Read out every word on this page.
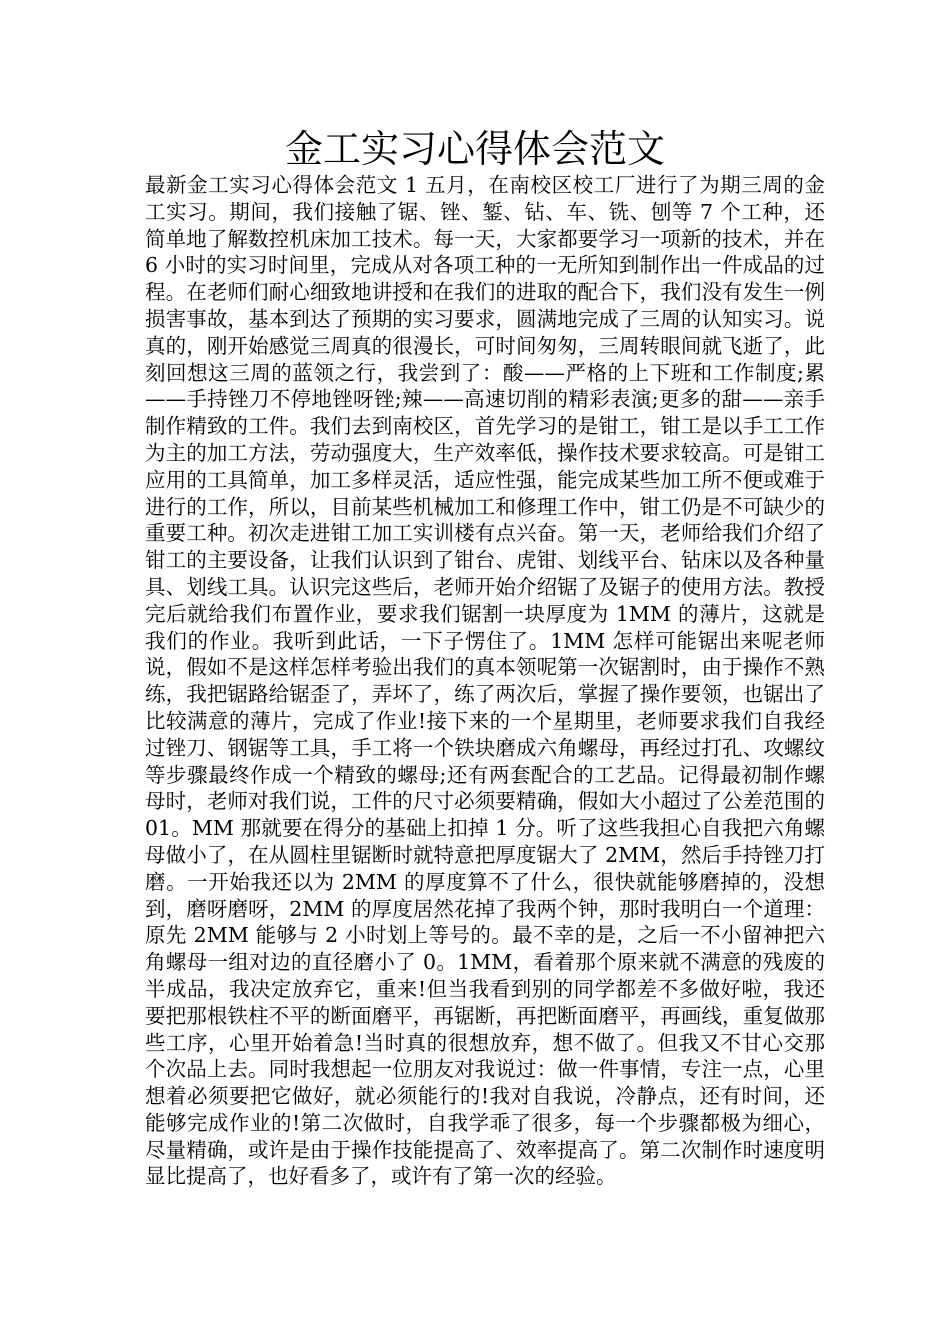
金工实习心得体会范文

最新金工实习心得体会范文 1 五月，在南校区校工厂进行了为期三周的金工实习。期间，我们接触了锯、锉、錾、钻、车、铣、刨等 7 个工种，还简单地了解数控机床加工技术。每一天，大家都要学习一项新的技术，并在 6 小时的实习时间里，完成从对各项工种的一无所知到制作出一件成品的过程。在老师们耐心细致地讲授和在我们的进取的配合下，我们没有发生一例损害事故，基本到达了预期的实习要求，圆满地完成了三周的认知实习。说真的，刚开始感觉三周真的很漫长，可时间匆匆，三周转眼间就飞逝了，此刻回想这三周的蓝领之行，我尝到了：酸——严格的上下班和工作制度;累——手持锉刀不停地锉呀锉;辣——高速切削的精彩表演;更多的甜——亲手制作精致的工件。我们去到南校区，首先学习的是钳工，钳工是以手工工作为主的加工方法，劳动强度大，生产效率低，操作技术要求较高。可是钳工应用的工具简单，加工多样灵活，适应性强，能完成某些加工所不便或难于进行的工作，所以，目前某些机械加工和修理工作中，钳工仍是不可缺少的重要工种。初次走进钳工加工实训楼有点兴奋。第一天，老师给我们介绍了钳工的主要设备，让我们认识到了钳台、虎钳、划线平台、钻床以及各种量具、划线工具。认识完这些后，老师开始介绍锯了及锯子的使用方法。教授完后就给我们布置作业，要求我们锯割一块厚度为 1MM 的薄片，这就是我们的作业。我听到此话，一下子愣住了。1MM 怎样可能锯出来呢老师说，假如不是这样怎样考验出我们的真本领呢第一次锯割时，由于操作不熟练，我把锯路给锯歪了，弄坏了，练了两次后，掌握了操作要领，也锯出了比较满意的薄片，完成了作业!接下来的一个星期里，老师要求我们自我经过锉刀、钢锯等工具，手工将一个铁块磨成六角螺母，再经过打孔、攻螺纹等步骤最终作成一个精致的螺母;还有两套配合的工艺品。记得最初制作螺母时，老师对我们说，工件的尺寸必须要精确，假如大小超过了公差范围的 01。MM 那就要在得分的基础上扣掉 1 分。听了这些我担心自我把六角螺母做小了，在从圆柱里锯断时就特意把厚度锯大了 2MM，然后手持锉刀打磨。一开始我还以为 2MM 的厚度算不了什么，很快就能够磨掉的，没想到，磨呀磨呀，2MM 的厚度居然花掉了我两个钟，那时我明白一个道理：原先 2MM 能够与 2 小时划上等号的。最不幸的是，之后一不小留神把六角螺母一组对边的直径磨小了 0。1MM，看着那个原来就不满意的残废的半成品，我决定放弃它，重来!但当我看到别的同学都差不多做好啦，我还要把那根铁柱不平的断面磨平，再锯断，再把断面磨平，再画线，重复做那些工序，心里开始着急!当时真的很想放弃，想不做了。但我又不甘心交那个次品上去。同时我想起一位朋友对我说过：做一件事情，专注一点，心里想着必须要把它做好，就必须能行的!我对自我说，冷静点，还有时间，还能够完成作业的!第二次做时，自我学乖了很多，每一个步骤都极为细心，尽量精确，或许是由于操作技能提高了、效率提高了。第二次制作时速度明显比提高了，也好看多了，或许有了第一次的经验。
